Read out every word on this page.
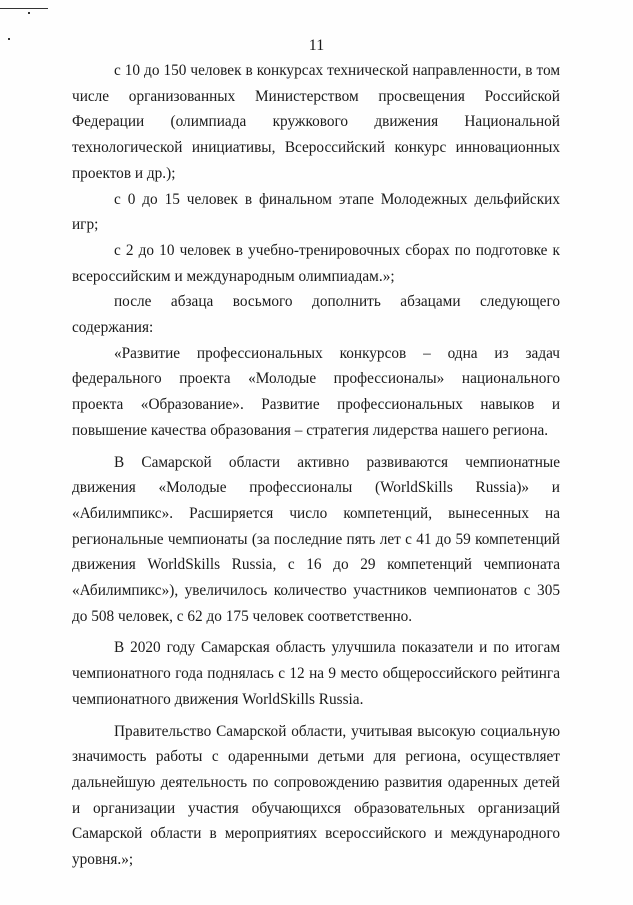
11

с 10 до 150 человек в конкурсах технической направленности, в том числе организованных Министерством просвещения Российской Федерации (олимпиада кружкового движения Национальной технологической инициативы, Всероссийский конкурс инновационных проектов и др.);

с 0 до 15 человек в финальном этапе Молодежных дельфийских игр;

с 2 до 10 человек в учебно-тренировочных сборах по подготовке к всероссийским и международным олимпиадам.»;

после абзаца восьмого дополнить абзацами следующего содержания:

«Развитие профессиональных конкурсов – одна из задач федерального проекта «Молодые профессионалы» национального проекта «Образование». Развитие профессиональных навыков и повышение качества образования – стратегия лидерства нашего региона.

В Самарской области активно развиваются чемпионатные движения «Молодые профессионалы (WorldSkills Russia)» и «Абилимпикс». Расширяется число компетенций, вынесенных на региональные чемпионаты (за последние пять лет с 41 до 59 компетенций движения WorldSkills Russia, с 16 до 29 компетенций чемпионата «Абилимпикс»), увеличилось количество участников чемпионатов с 305 до 508 человек, с 62 до 175 человек соответственно.

В 2020 году Самарская область улучшила показатели и по итогам чемпионатного года поднялась с 12 на 9 место общероссийского рейтинга чемпионатного движения WorldSkills Russia.

Правительство Самарской области, учитывая высокую социальную значимость работы с одаренными детьми для региона, осуществляет дальнейшую деятельность по сопровождению развития одаренных детей и организации участия обучающихся образовательных организаций Самарской области в мероприятиях всероссийского и международного уровня.»;
